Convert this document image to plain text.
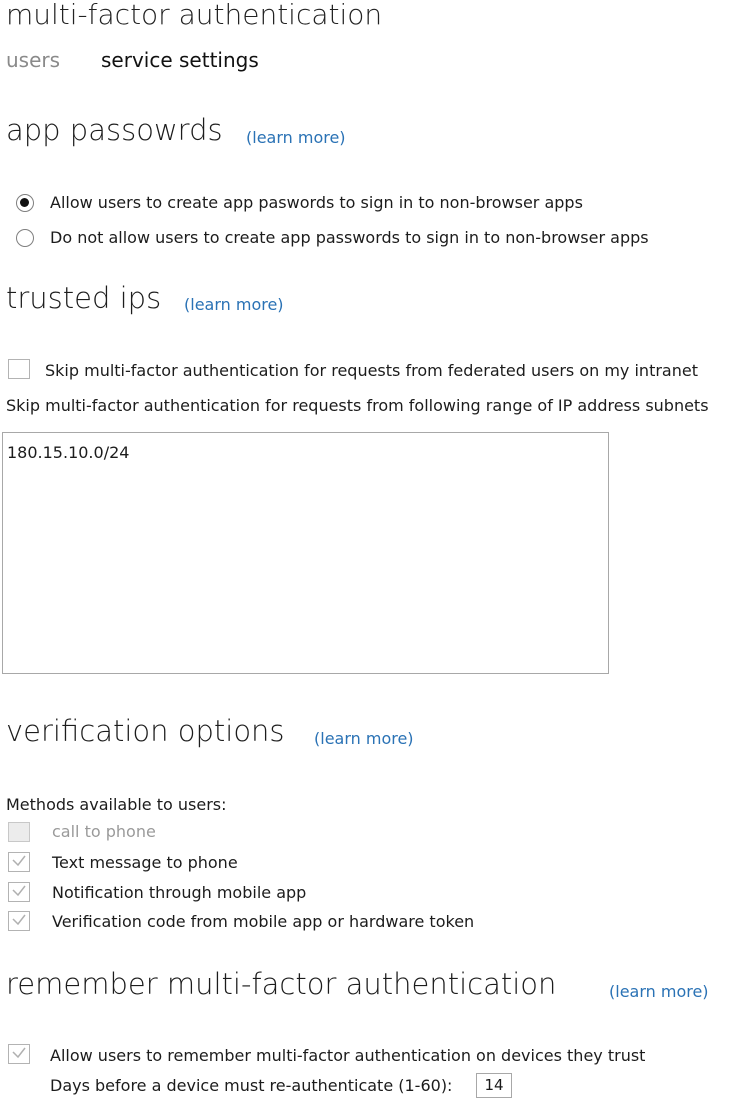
multi-factor authentication
users service settings
app passowrds (learn more)
Allow users to create app paswords to sign in to non-browser apps
Do not allow users to create app passwords to sign in to non-browser apps
trusted ips (learn more)
Skip multi-factor authentication for requests from federated users on my intranet
Skip multi-factor authentication for requests from following range of IP address subnets
180.15.10.0/24
verification options (learn more)
Methods available to users:
call to phone
Text message to phone
Notification through mobile app
Verification code from mobile app or hardware token
remember multi-factor authentication	(learn more)
Allow users to remember multi-factor authentication on devices they trust
Days before a device must re-authenticate (1-60):	14
